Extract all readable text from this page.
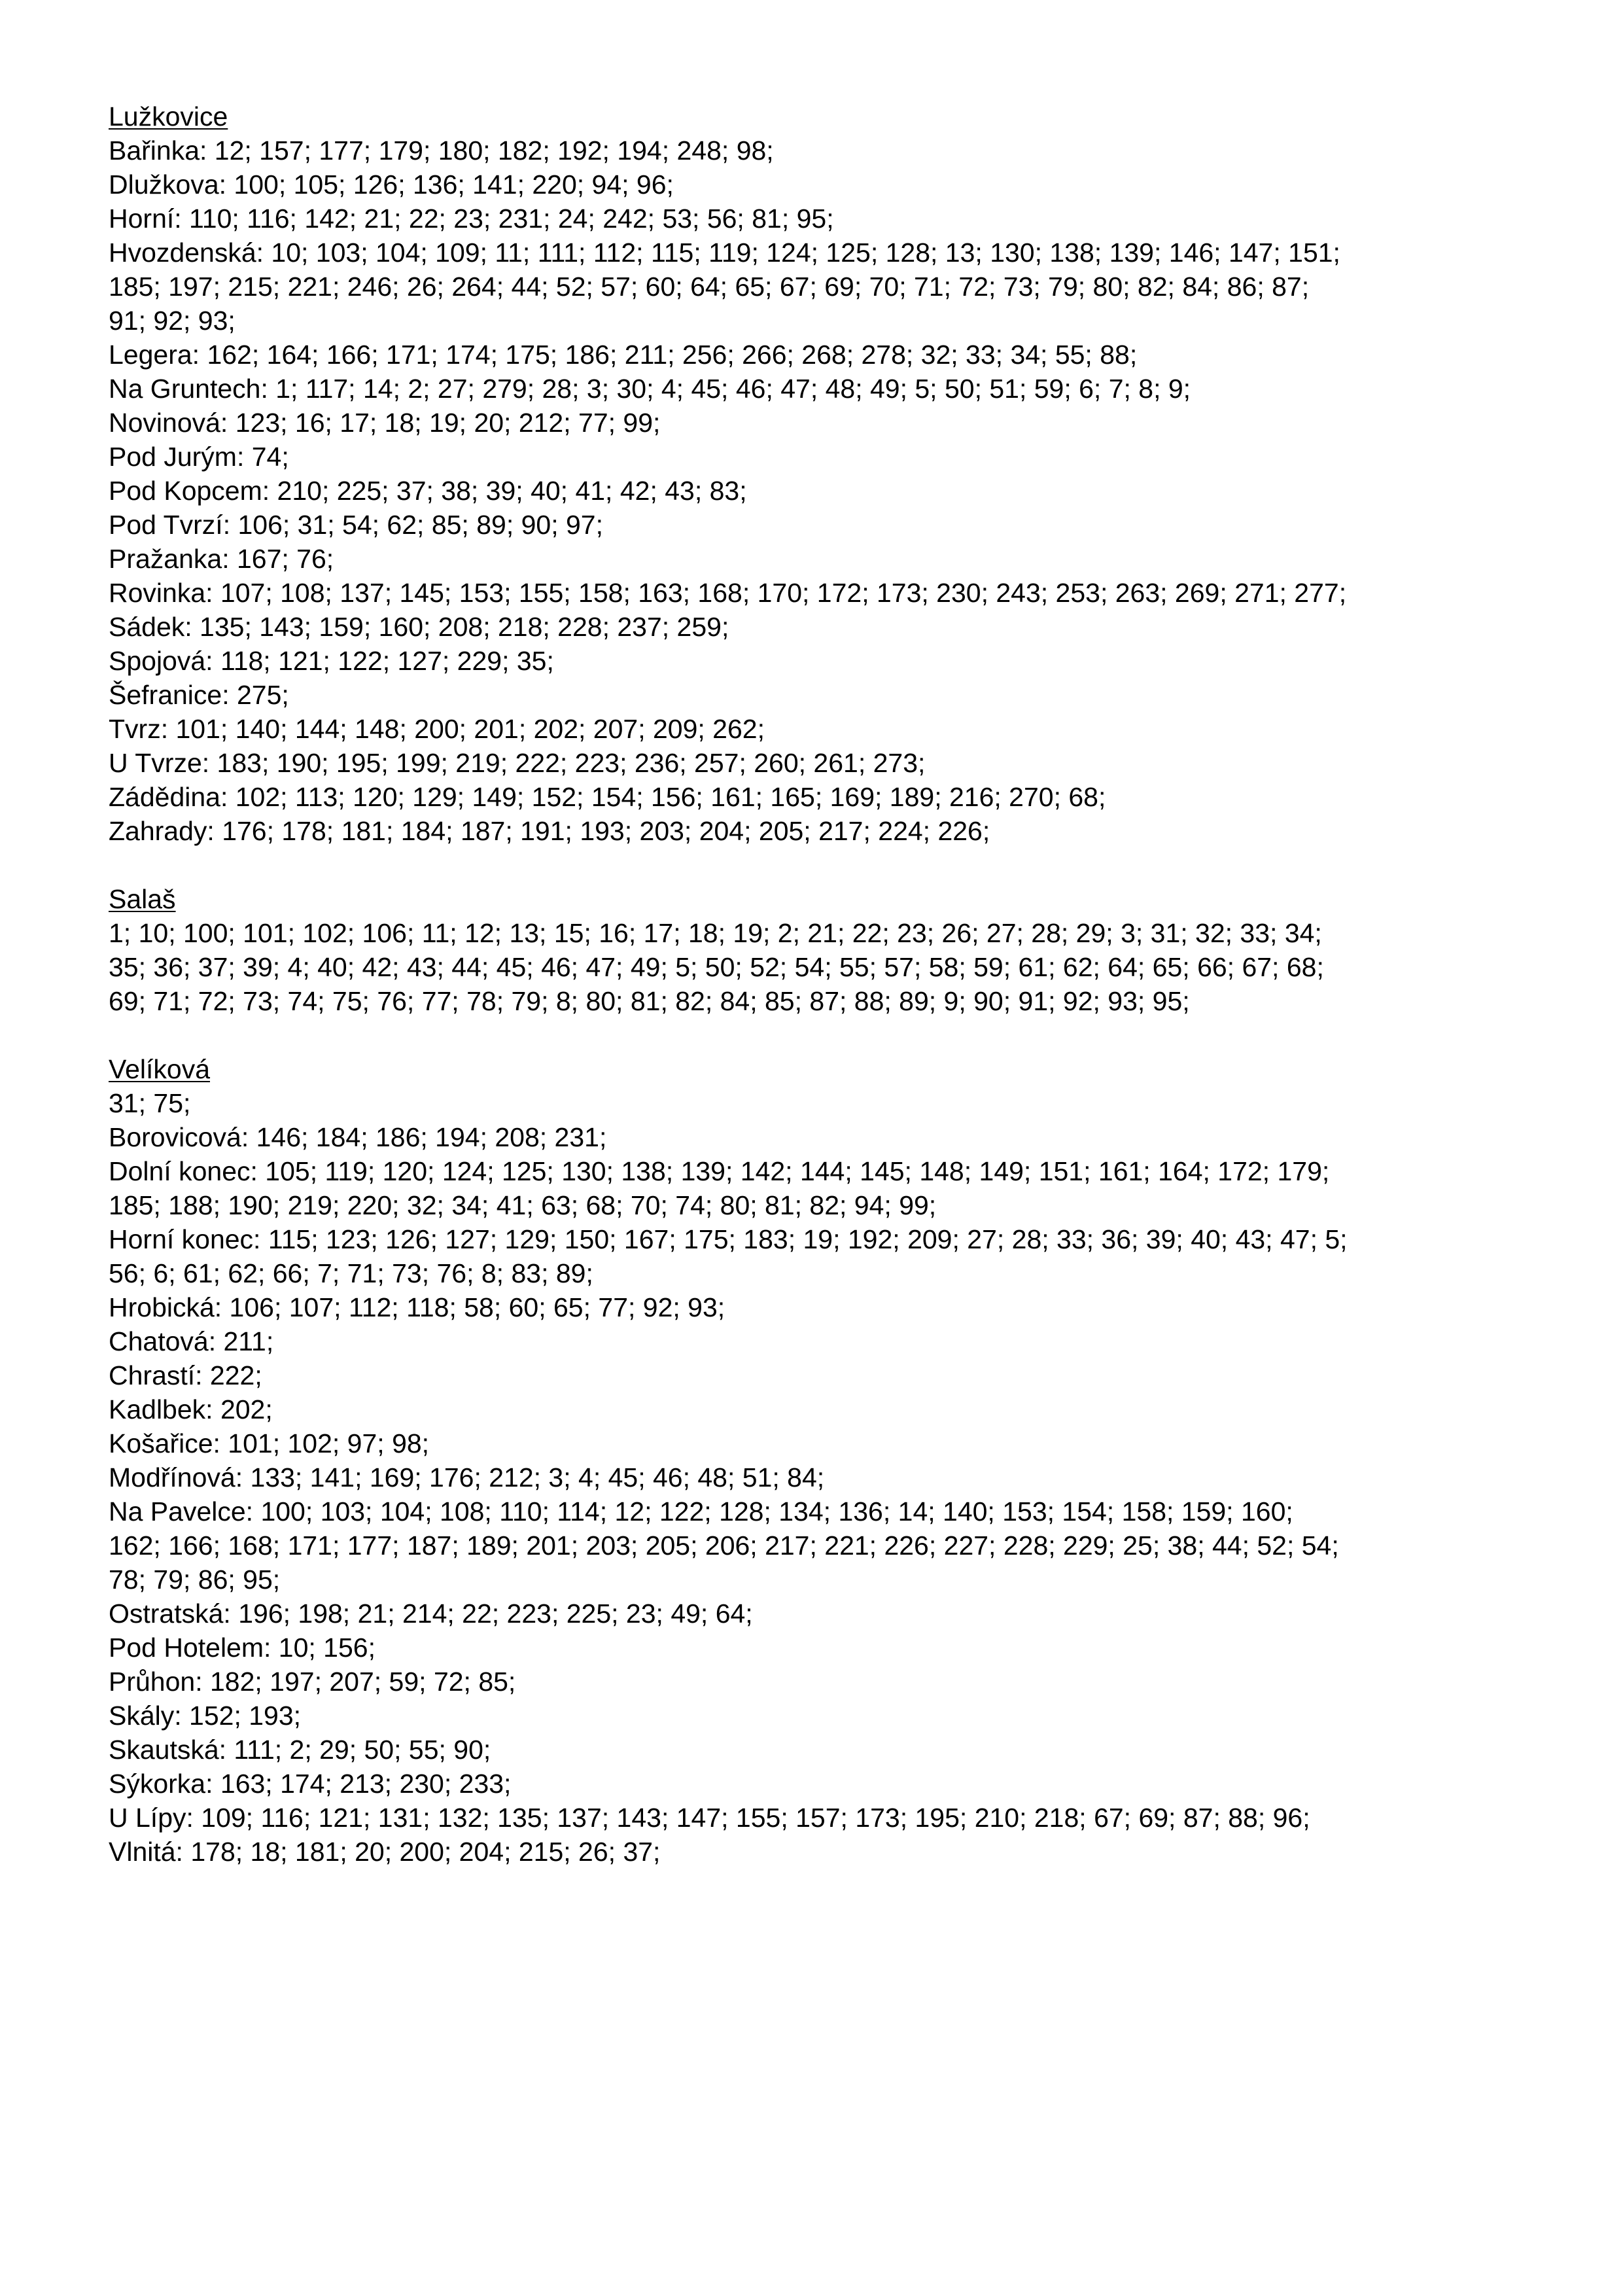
Lužkovice
Bařinka: 12; 157; 177; 179; 180; 182; 192; 194; 248; 98;
Dlužkova: 100; 105; 126; 136; 141; 220; 94; 96;
Horní: 110; 116; 142; 21; 22; 23; 231; 24; 242; 53; 56; 81; 95;
Hvozdenská: 10; 103; 104; 109; 11; 111; 112; 115; 119; 124; 125; 128; 13; 130; 138; 139; 146; 147; 151;
185; 197; 215; 221; 246; 26; 264; 44; 52; 57; 60; 64; 65; 67; 69; 70; 71; 72; 73; 79; 80; 82; 84; 86; 87;
91; 92; 93;
Legera: 162; 164; 166; 171; 174; 175; 186; 211; 256; 266; 268; 278; 32; 33; 34; 55; 88;
Na Gruntech: 1; 117; 14; 2; 27; 279; 28; 3; 30; 4; 45; 46; 47; 48; 49; 5; 50; 51; 59; 6; 7; 8; 9;
Novinová: 123; 16; 17; 18; 19; 20; 212; 77; 99;
Pod Jurým: 74;
Pod Kopcem: 210; 225; 37; 38; 39; 40; 41; 42; 43; 83;
Pod Tvrzí: 106; 31; 54; 62; 85; 89; 90; 97;
Pražanka: 167; 76;
Rovinka: 107; 108; 137; 145; 153; 155; 158; 163; 168; 170; 172; 173; 230; 243; 253; 263; 269; 271; 277;
Sádek: 135; 143; 159; 160; 208; 218; 228; 237; 259;
Spojová: 118; 121; 122; 127; 229; 35;
Šefranice: 275;
Tvrz: 101; 140; 144; 148; 200; 201; 202; 207; 209; 262;
U Tvrze: 183; 190; 195; 199; 219; 222; 223; 236; 257; 260; 261; 273;
Zádědina: 102; 113; 120; 129; 149; 152; 154; 156; 161; 165; 169; 189; 216; 270; 68;
Zahrady: 176; 178; 181; 184; 187; 191; 193; 203; 204; 205; 217; 224; 226;
Salaš
1; 10; 100; 101; 102; 106; 11; 12; 13; 15; 16; 17; 18; 19; 2; 21; 22; 23; 26; 27; 28; 29; 3; 31; 32; 33; 34;
35; 36; 37; 39; 4; 40; 42; 43; 44; 45; 46; 47; 49; 5; 50; 52; 54; 55; 57; 58; 59; 61; 62; 64; 65; 66; 67; 68;
69; 71; 72; 73; 74; 75; 76; 77; 78; 79; 8; 80; 81; 82; 84; 85; 87; 88; 89; 9; 90; 91; 92; 93; 95;
Velíková
31; 75;
Borovicová: 146; 184; 186; 194; 208; 231;
Dolní konec: 105; 119; 120; 124; 125; 130; 138; 139; 142; 144; 145; 148; 149; 151; 161; 164; 172; 179;
185; 188; 190; 219; 220; 32; 34; 41; 63; 68; 70; 74; 80; 81; 82; 94; 99;
Horní konec: 115; 123; 126; 127; 129; 150; 167; 175; 183; 19; 192; 209; 27; 28; 33; 36; 39; 40; 43; 47; 5;
56; 6; 61; 62; 66; 7; 71; 73; 76; 8; 83; 89;
Hrobická: 106; 107; 112; 118; 58; 60; 65; 77; 92; 93;
Chatová: 211;
Chrastí: 222;
Kadlbek: 202;
Košařice: 101; 102; 97; 98;
Modřínová: 133; 141; 169; 176; 212; 3; 4; 45; 46; 48; 51; 84;
Na Pavelce: 100; 103; 104; 108; 110; 114; 12; 122; 128; 134; 136; 14; 140; 153; 154; 158; 159; 160;
162; 166; 168; 171; 177; 187; 189; 201; 203; 205; 206; 217; 221; 226; 227; 228; 229; 25; 38; 44; 52; 54;
78; 79; 86; 95;
Ostratská: 196; 198; 21; 214; 22; 223; 225; 23; 49; 64;
Pod Hotelem: 10; 156;
Průhon: 182; 197; 207; 59; 72; 85;
Skály: 152; 193;
Skautská: 111; 2; 29; 50; 55; 90;
Sýkorka: 163; 174; 213; 230; 233;
U Lípy: 109; 116; 121; 131; 132; 135; 137; 143; 147; 155; 157; 173; 195; 210; 218; 67; 69; 87; 88; 96;
Vlnitá: 178; 18; 181; 20; 200; 204; 215; 26; 37;
